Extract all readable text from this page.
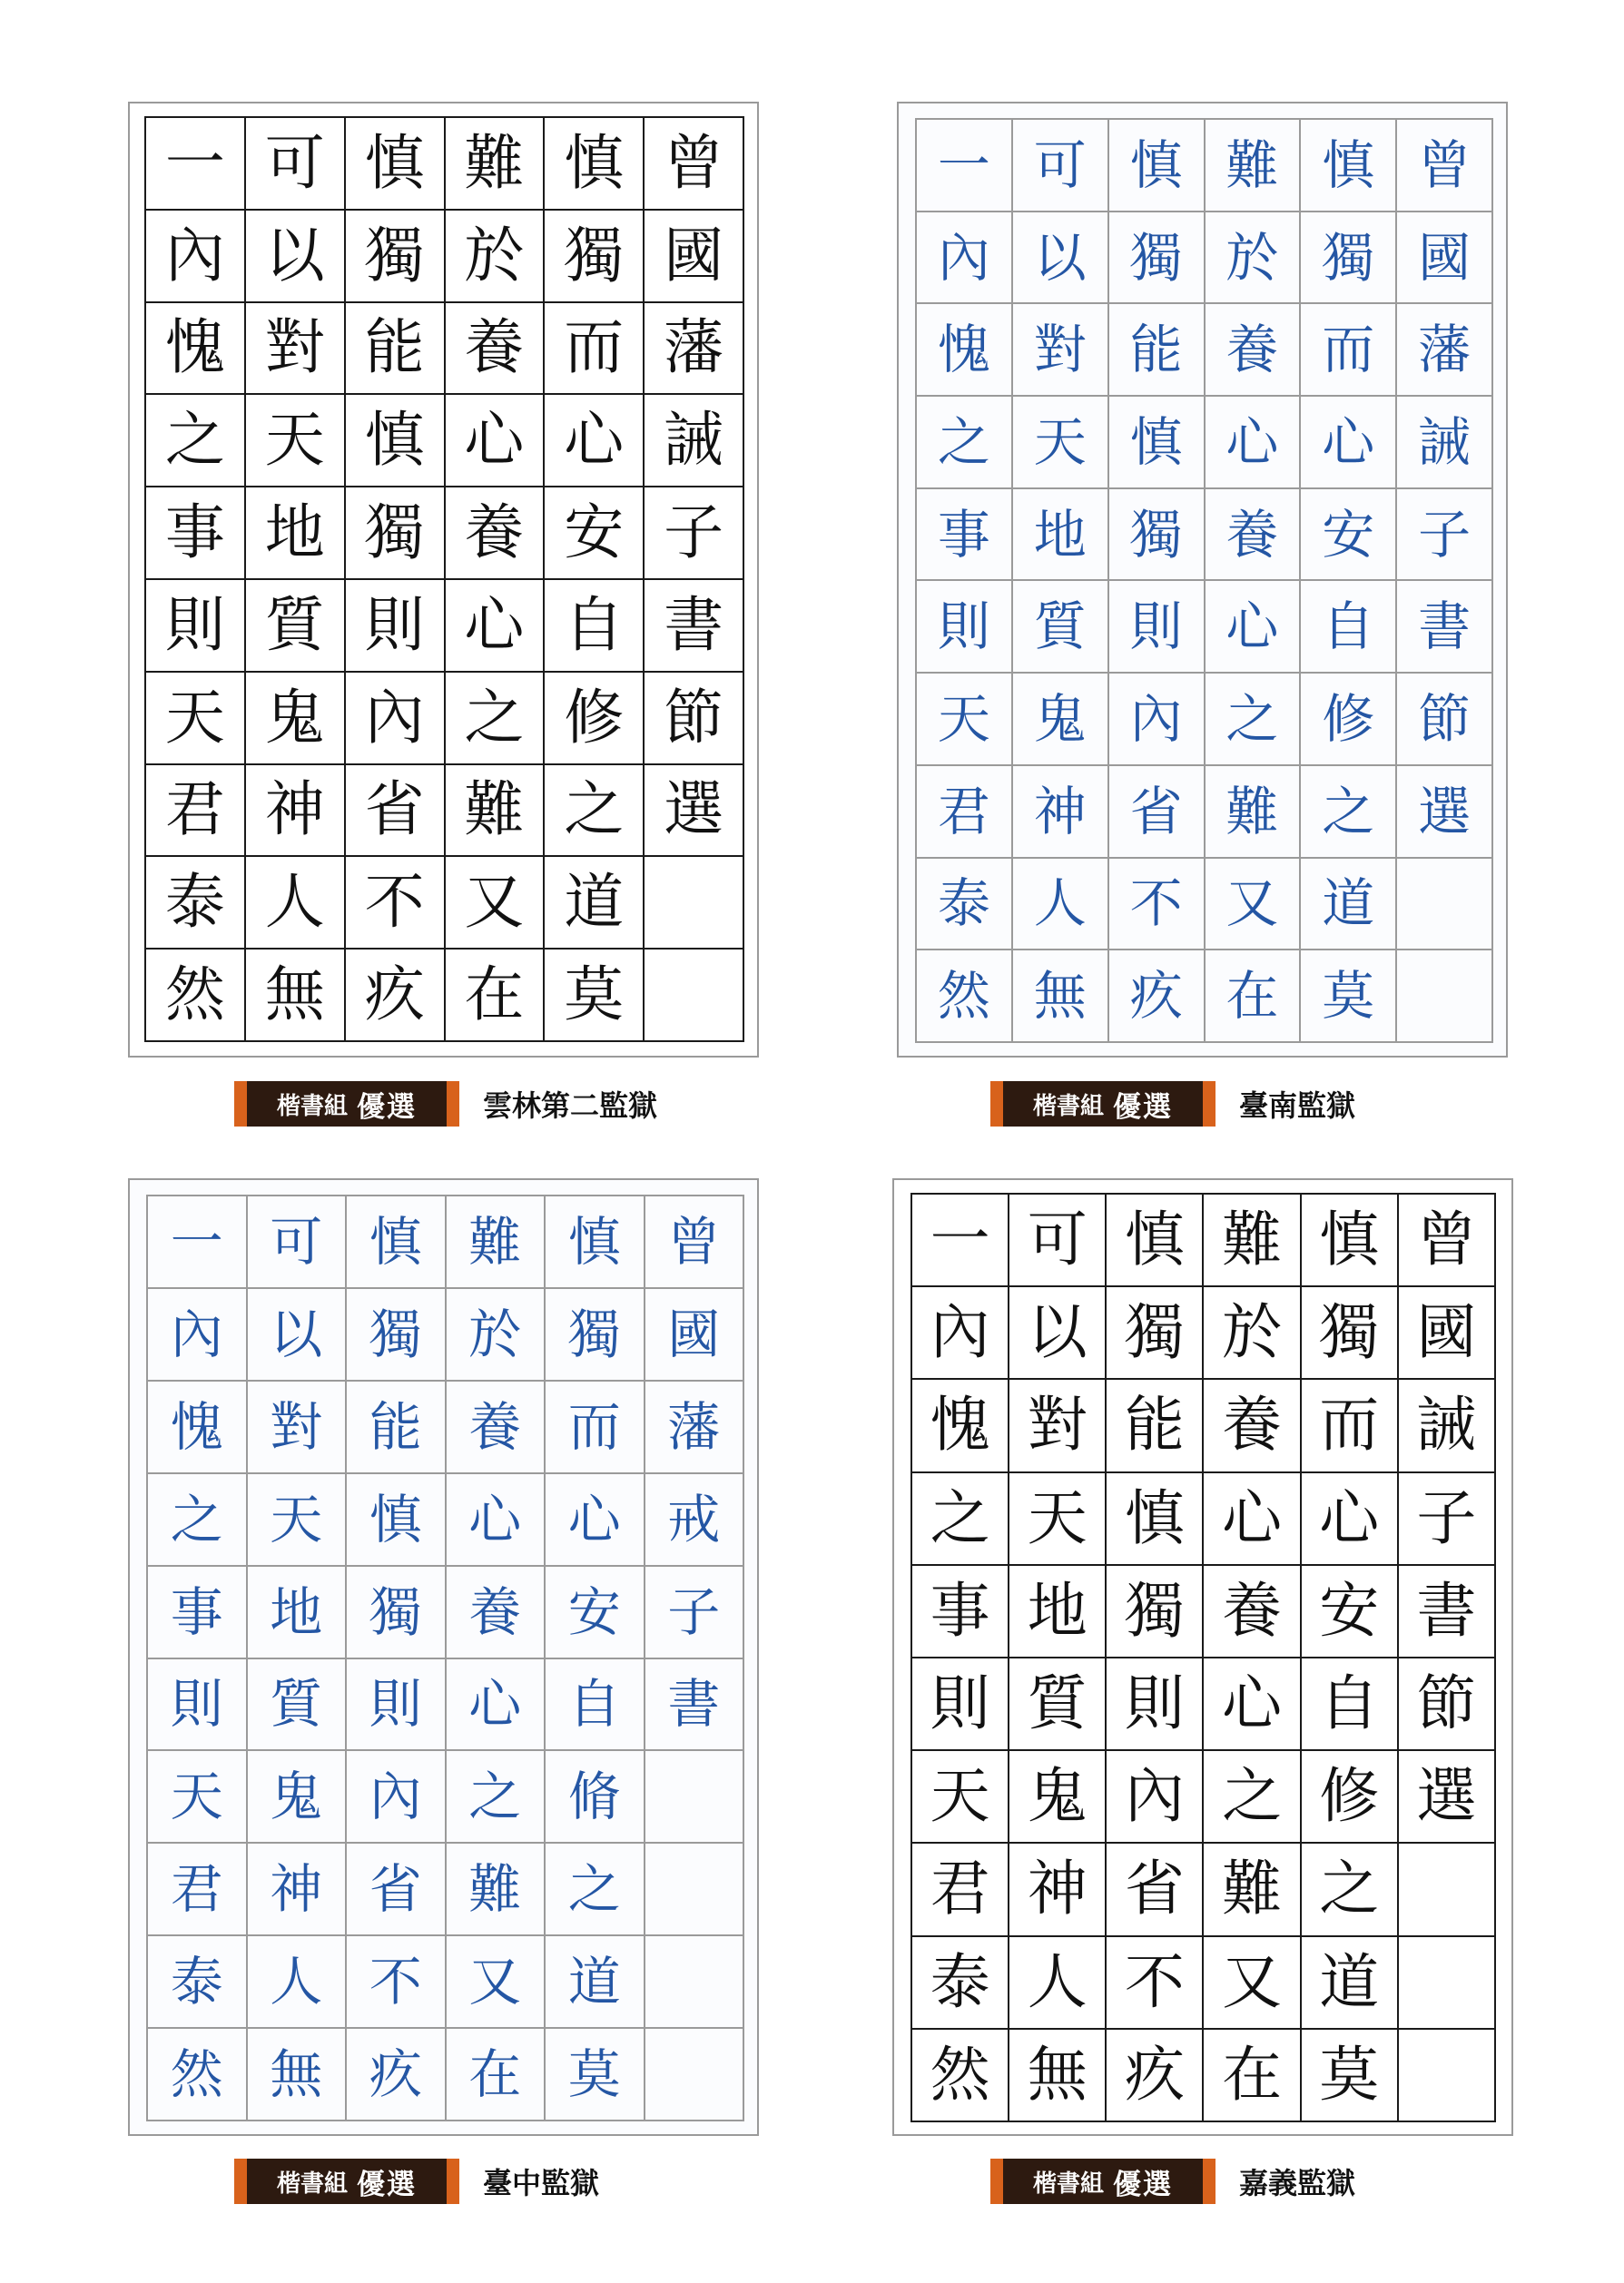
一 可 慎 難 慎 曾
內 以 獨 於 獨 國
愧 對 能 養 而 藩
之 天 慎 心 心 誡
事 地 獨 養 安 子
則 質 則 心 自 書
天 鬼 內 之 修 節
君 神 省 難 之 選
泰 人 不 又 道
然 無 疚 在 莫
楷書組 優選 雲林第二監獄
一 可 慎 難 慎 曾
內 以 獨 於 獨 國
愧 對 能 養 而 藩
之 天 慎 心 心 誡
事 地 獨 養 安 子
則 質 則 心 自 書
天 鬼 內 之 修 節
君 神 省 難 之 選
泰 人 不 又 道
然 無 疚 在 莫
楷書組 優選 臺南監獄
一 可 慎 難 慎 曾
內 以 獨 於 獨 國
愧 對 能 養 而 藩
之 天 慎 心 心 戒
事 地 獨 養 安 子
則 質 則 心 自 書
天 鬼 內 之 脩
君 神 省 難 之
泰 人 不 又 道
然 無 疚 在 莫
楷書組 優選 臺中監獄
一 可 慎 難 慎 曾
內 以 獨 於 獨 國
愧 對 能 養 而 誡
之 天 慎 心 心 子
事 地 獨 養 安 書
則 質 則 心 自 節
天 鬼 內 之 修 選
君 神 省 難 之
泰 人 不 又 道
然 無 疚 在 莫
楷書組 優選 嘉義監獄
